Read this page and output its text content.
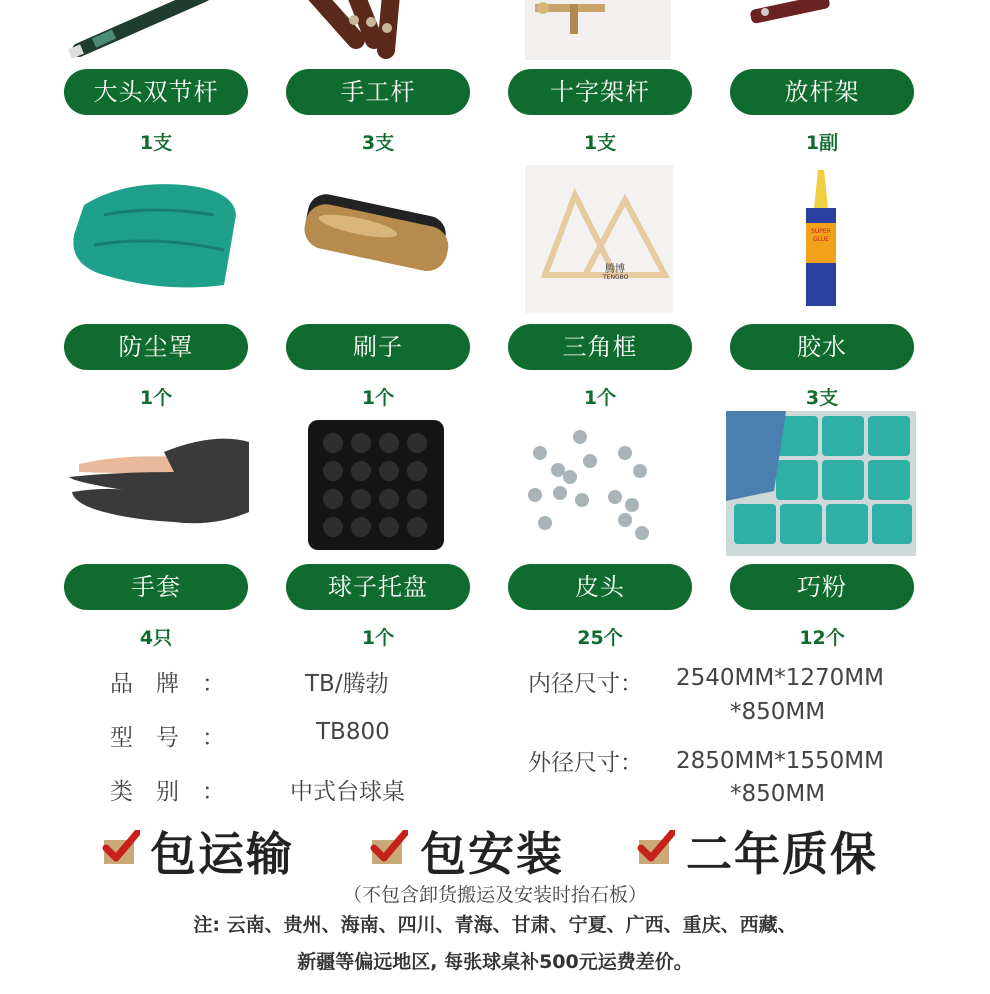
大头双节杆	手工杆	十字架杆	放杆架
1支	3支	1支	1副
腾博
TENGBO
SUPER GLUE
防尘罩	刷子	三角框	胶水
1个	1个	1个	3支
手套	球子托盘	皮头	巧粉
4只	1个	25个	12个
品　牌　：	TB/腾勃
型　号　：	TB800
类　别　：	中式台球桌
内径尺寸： 2540MM*1270MM
*850MM
外径尺寸： 2850MM*1550MM
*850MM
包运输	包安装	二年质保
（不包含卸货搬运及安装时抬石板）
注: 云南、贵州、海南、四川、青海、甘肃、宁夏、广西、重庆、西藏、
新疆等偏远地区, 每张球桌补500元运费差价。
